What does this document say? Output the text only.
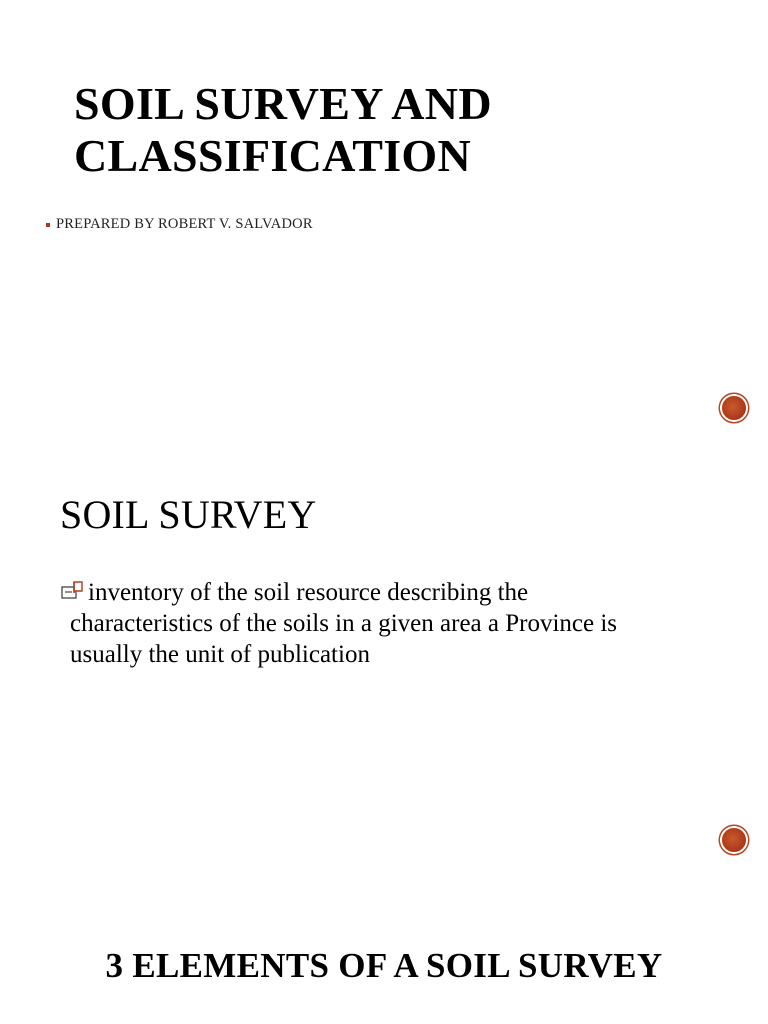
SOIL SURVEY AND
CLASSIFICATION
PREPARED BY ROBERT V. SALVADOR
SOIL SURVEY
inventory of the soil resource describing the
characteristics of the soils in a given area a Province is
usually the unit of publication
3 ELEMENTS OF A SOIL SURVEY
